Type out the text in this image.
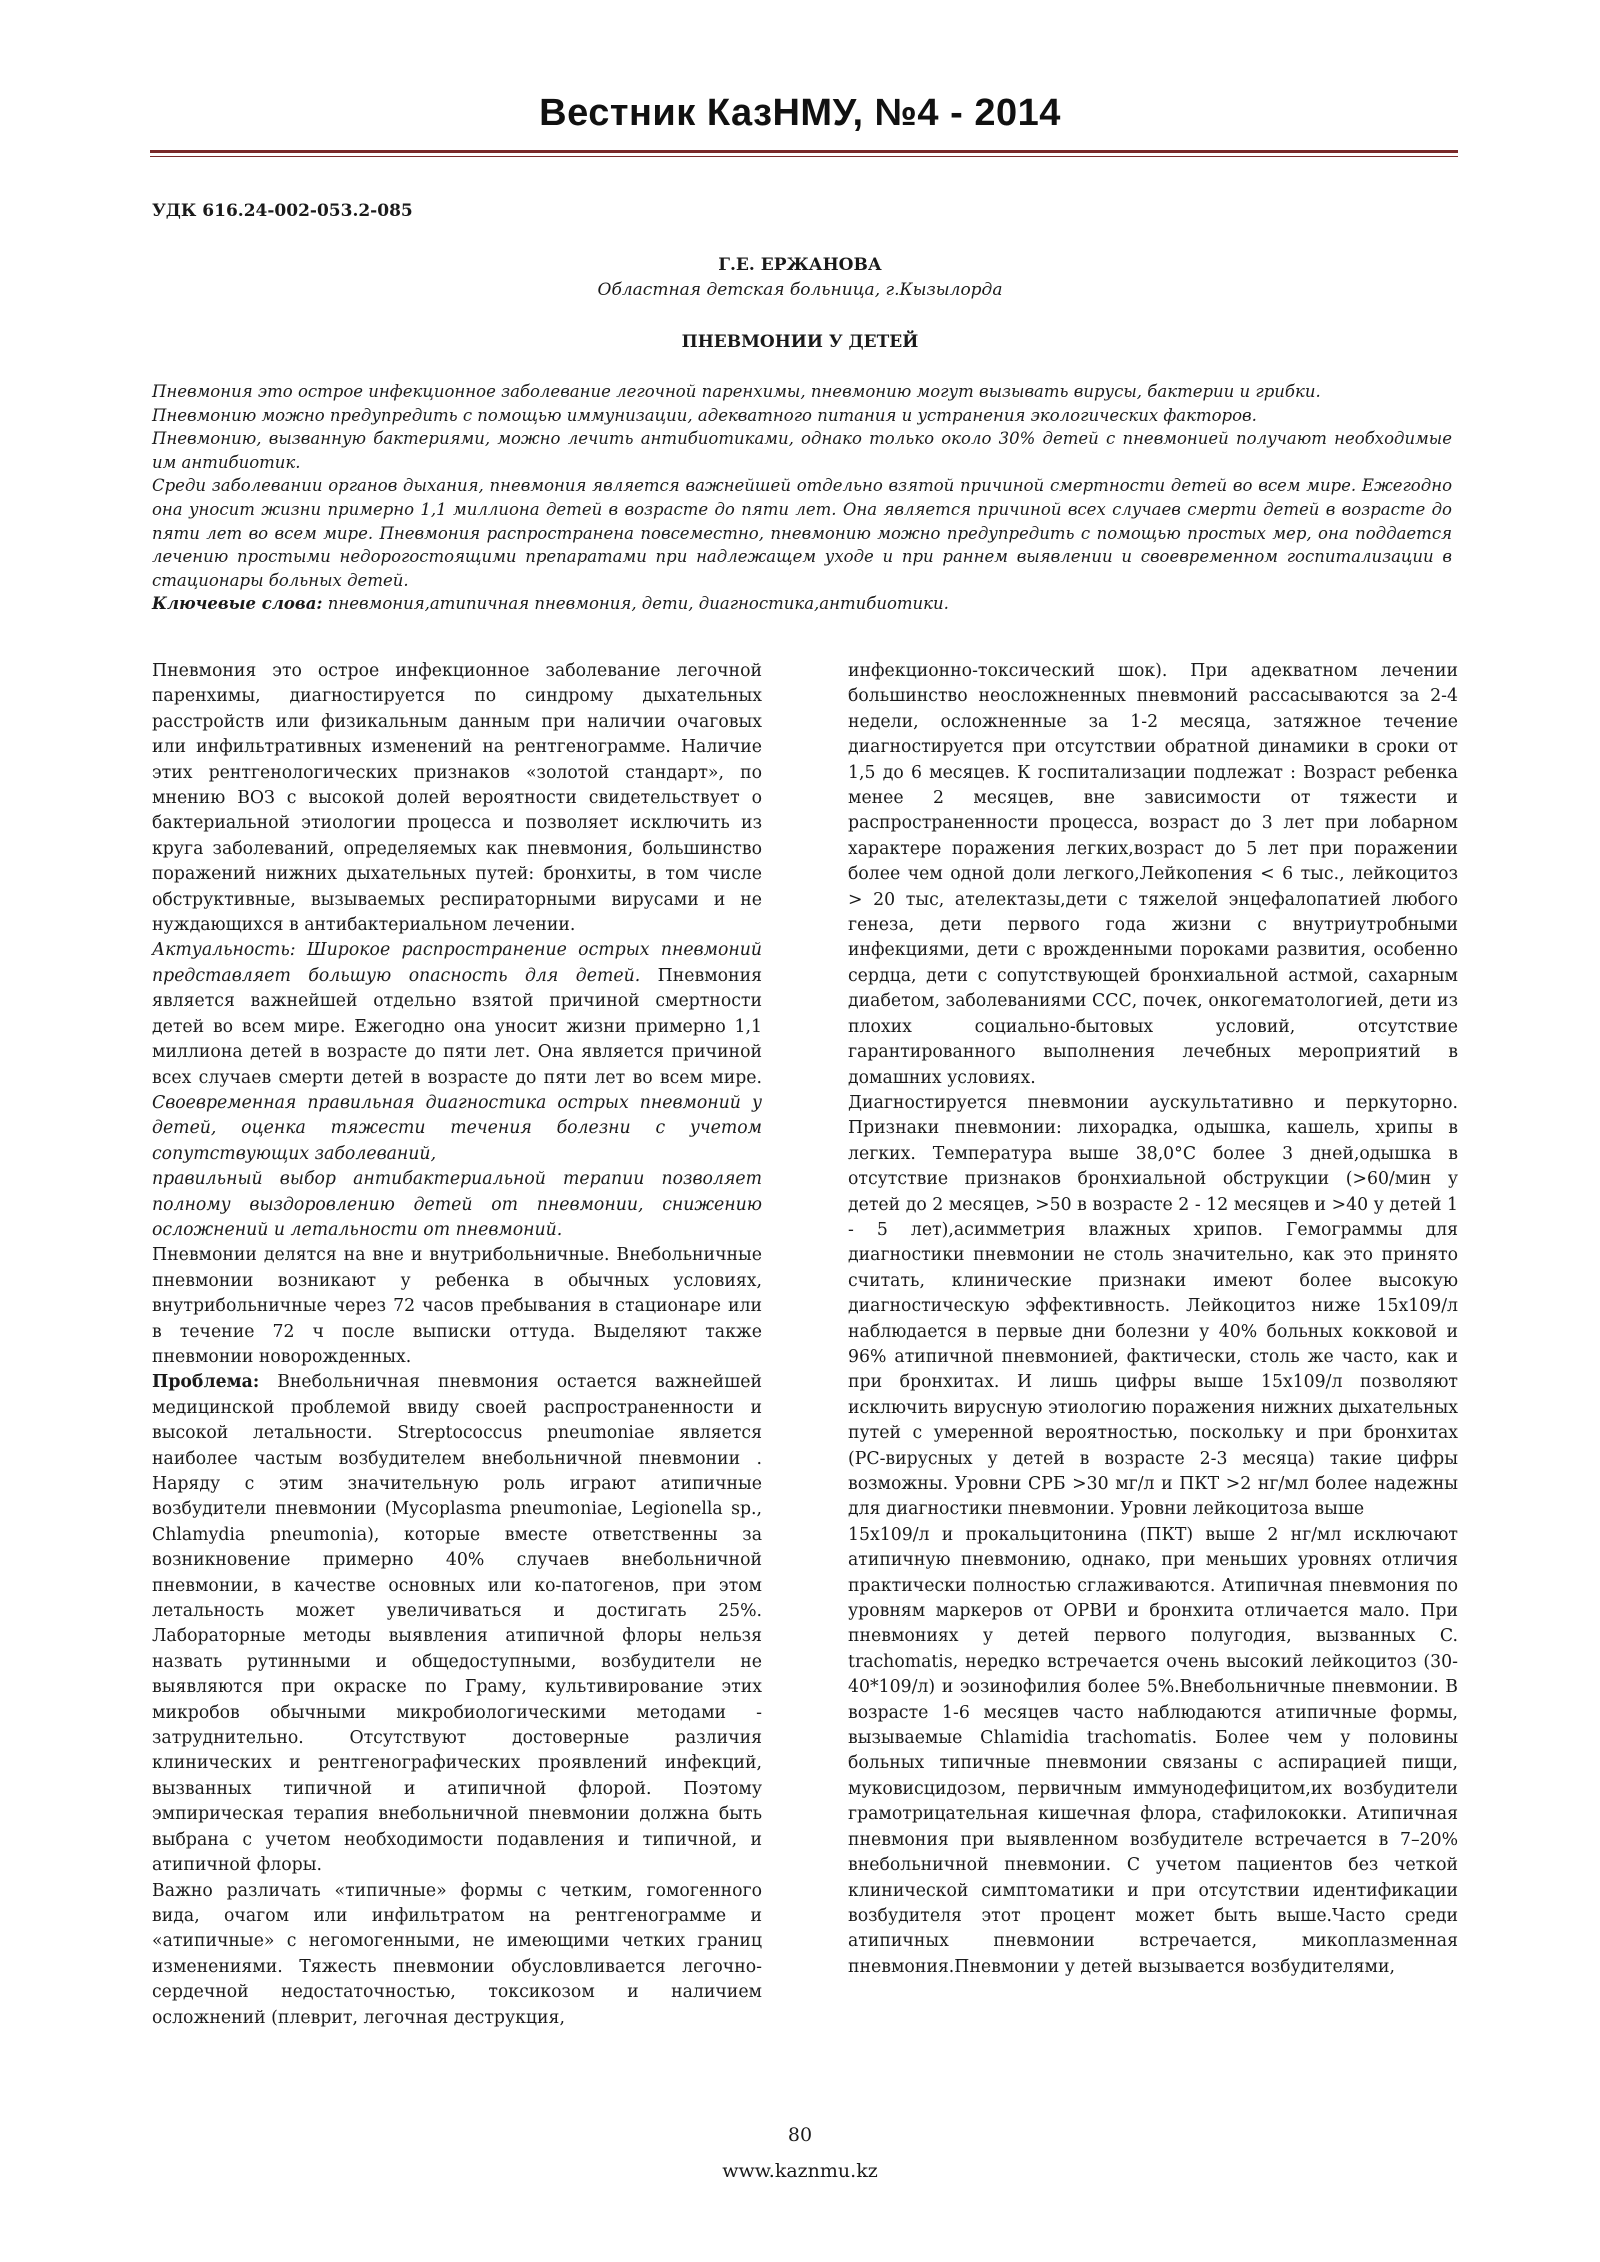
Вестник КазНМУ, №4 - 2014
УДК 616.24-002-053.2-085
Г.Е. ЕРЖАНОВА
Областная детская больница, г.Кызылорда
ПНЕВМОНИИ У ДЕТЕЙ

Пневмония это острое инфекционное заболевание легочной паренхимы, пневмонию могут вызывать вирусы, бактерии и грибки.

Пневмонию можно предупредить с помощью иммунизации, адекватного питания и устранения экологических факторов.

Пневмонию, вызванную бактериями, можно лечить антибиотиками, однако только около 30% детей с пневмонией получают необходимые им антибиотик.

Среди заболевании органов дыхания, пневмония является важнейшей отдельно взятой причиной смертности детей во всем мире. Ежегодно она уносит жизни примерно 1,1 миллиона детей в возрасте до пяти лет. Она является причиной всех случаев смерти детей в возрасте до пяти лет во всем мире. Пневмония распространена повсеместно, пневмонию можно предупредить с помощью простых мер, она поддается лечению простыми недорогостоящими препаратами при надлежащем уходе и при раннем выявлении и своевременном госпитализации в стационары больных детей.

Ключевые слова: пневмония,атипичная пневмония, дети, диагностика,антибиотики.

Пневмония это острое инфекционное заболевание легочной паренхимы, диагностируется по синдрому дыхательных расстройств или физикальным данным при наличии очаговых или инфильтративных изменений на рентгенограмме. Наличие этих рентгенологических признаков «золотой стандарт», по мнению ВОЗ с высокой долей вероятности свидетельствует о бактериальной этиологии процесса и позволяет исключить из круга заболеваний, определяемых как пневмония, большинство поражений нижних дыхательных путей: бронхиты, в том числе обструктивные, вызываемых респираторными вирусами и не нуждающихся в антибактериальном лечении.

Актуальность: Широкое распространение острых пневмоний представляет большую опасность для детей. Пневмония является важнейшей отдельно взятой причиной смертности детей во всем мире. Ежегодно она уносит жизни примерно 1,1 миллиона детей в возрасте до пяти лет. Она является причиной всех случаев смерти детей в возрасте до пяти лет во всем мире. Своевременная правильная диагностика острых пневмоний у детей, оценка тяжести течения болезни с учетом сопутствующих заболеваний,

правильный выбор антибактериальной терапии позволяет полному выздоровлению детей от пневмонии, снижению осложнений и летальности от пневмоний.

Пневмонии делятся на вне и внутрибольничные. Внебольничные пневмонии возникают у ребенка в обычных условиях, внутрибольничные через 72 часов пребывания в стационаре или в течение 72 ч после выписки оттуда. Выделяют также пневмонии новорожденных.

Проблема: Внебольничная пневмония остается важнейшей медицинской проблемой ввиду своей распространенности и высокой летальности. Streptococcus pneumoniae является наиболее частым возбудителем внебольничной пневмонии . Наряду с этим значительную роль играют атипичные возбудители пневмонии (Mycoplasma pneumoniae, Legionella sp., Chlamydia pneumonia), которые вместе ответственны за возникновение примерно 40% случаев внебольничной пневмонии, в качестве основных или ко-патогенов, при этом летальность может увеличиваться и достигать 25%. Лабораторные методы выявления атипичной флоры нельзя назвать рутинными и общедоступными, возбудители не выявляются при окраске по Граму, культивирование этих микробов обычными микробиологическими методами - затруднительно. Отсутствуют достоверные различия клинических и рентгенографических проявлений инфекций, вызванных типичной и атипичной флорой. Поэтому эмпирическая терапия внебольничной пневмонии должна быть выбрана с учетом необходимости подавления и типичной, и атипичной флоры.

Важно различать «типичные» формы с четким, гомогенного вида, очагом или инфильтратом на рентгенограмме и «атипичные» с негомогенными, не имеющими четких границ изменениями. Тяжесть пневмонии обусловливается легочно-сердечной недостаточностью, токсикозом и наличием осложнений (плеврит, легочная деструкция,

инфекционно-токсический шок). При адекватном лечении большинство неосложненных пневмоний рассасываются за 2-4 недели, осложненные за 1-2 месяца, затяжное течение диагностируется при отсутствии обратной динамики в сроки от 1,5 до 6 месяцев. К госпитализации подлежат : Возраст ребенка менее 2 месяцев, вне зависимости от тяжести и распространенности процесса, возраст до 3 лет при лобарном характере поражения легких,возраст до 5 лет при поражении более чем одной доли легкого,Лейкопения < 6 тыс., лейкоцитоз > 20 тыс, ателектазы,дети с тяжелой энцефалопатией любого генеза, дети первого года жизни с внутриутробными инфекциями, дети с врожденными пороками развития, особенно сердца, дети с сопутствующей бронхиальной астмой, сахарным диабетом, заболеваниями ССС, почек, онкогематологией, дети из плохих социально-бытовых условий, отсутствие гарантированного выполнения лечебных мероприятий в домашних условиях.

Диагностируется пневмонии аускультативно и перкуторно. Признаки пневмонии: лихорадка, одышка, кашель, хрипы в легких. Температура выше 38,0°С более 3 дней,одышка в отсутствие признаков бронхиальной обструкции (>60/мин у детей до 2 месяцев, >50 в возрасте 2 - 12 месяцев и >40 у детей 1 - 5 лет),асимметрия влажных хрипов. Гемограммы для диагностики пневмонии не столь значительно, как это принято считать, клинические признаки имеют более высокую диагностическую эффективность. Лейкоцитоз ниже 15х109/л наблюдается в первые дни болезни у 40% больных кокковой и 96% атипичной пневмонией, фактически, столь же часто, как и при бронхитах. И лишь цифры выше 15х109/л позволяют исключить вирусную этиологию поражения нижних дыхательных путей с умеренной вероятностью, поскольку и при бронхитах (РС-вирусных у детей в возрасте 2-3 месяца) такие цифры возможны. Уровни СРБ >30 мг/л и ПКТ >2 нг/мл более надежны для диагностики пневмонии. Уровни лейкоцитоза выше

15х109/л и прокальцитонина (ПКТ) выше 2 нг/мл исключают атипичную пневмонию, однако, при меньших уровнях отличия практически полностью сглаживаются. Атипичная пневмония по уровням маркеров от ОРВИ и бронхита отличается мало. При пневмониях у детей первого полугодия, вызванных C. trachomatis, нередко встречается очень высокий лейкоцитоз (30-40*109/л) и эозинофилия более 5%.Внебольничные пневмонии. В возрасте 1-6 месяцев часто наблюдаются атипичные формы, вызываемые Chlamidia trachomatis. Более чем у половины больных типичные пневмонии связаны с аспирацией пищи, муковисцидозом, первичным иммунодефицитом,их возбудители грамотрицательная кишечная флора, стафилококки. Атипичная пневмония при выявленном возбудителе встречается в 7–20% внебольничной пневмонии. С учетом пациентов без четкой клинической симптоматики и при отсутствии идентификации возбудителя этот процент может быть выше.Часто среди атипичных пневмонии встречается, микоплазменная пневмония.Пневмонии у детей вызывается возбудителями,

80
www.kaznmu.kz
